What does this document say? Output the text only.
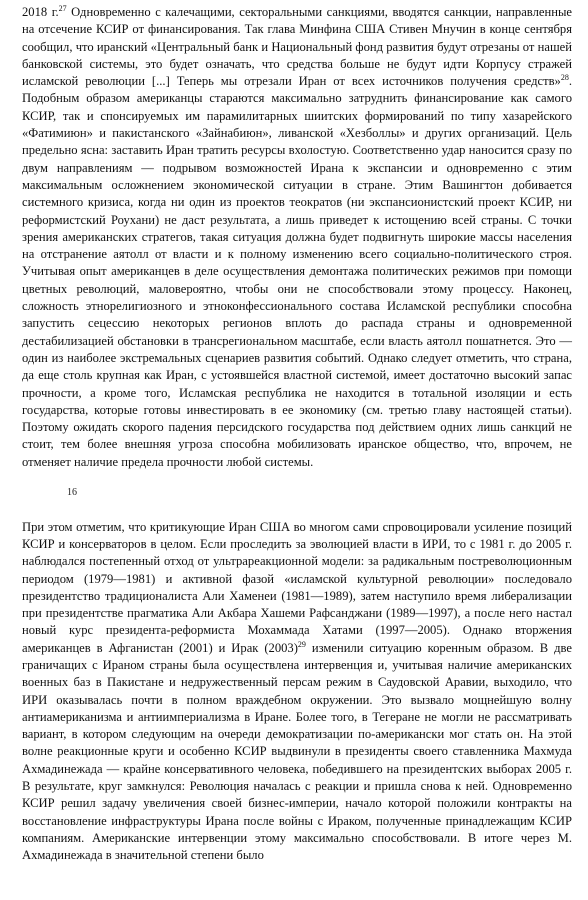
2018 г.$^{27}$ Одновременно с калечащими, секторальными санкциями, вводятся санкции, направленные на отсечение КСИР от финансирования. Так глава Минфина США Стивен Мнучин в конце сентября сообщил, что иранский «Центральный банк и Национальный фонд развития будут отрезаны от нашей банковской системы, это будет означать, что средства больше не будут идти Корпусу стражей исламской революции [...] Теперь мы отрезали Иран от всех источников получения средств»$^{28}$. Подобным образом американцы стараются максимально затруднить финансирование как самого КСИР, так и спонсируемых им парамилитарных шиитских формирований по типу хазарейского «Фатимиюн» и пакистанского «Зайнабиюн», ливанской «Хезболлы» и других организаций. Цель предельно ясна: заставить Иран тратить ресурсы вхолостую. Соответственно удар наносится сразу по двум направлениям — подрывом возможностей Ирана к экспансии и одновременно с этим максимальным осложнением экономической ситуации в стране. Этим Вашингтон добивается системного кризиса, когда ни один из проектов теократов (ни экспансионистский проект КСИР, ни реформистский Роухани) не даст результата, а лишь приведет к истощению всей страны. С точки зрения американских стратегов, такая ситуация должна будет подвигнуть широкие массы населения на отстранение аятолл от власти и к полному изменению всего социально-политического строя. Учитывая опыт американцев в деле осуществления демонтажа политических режимов при помощи цветных революций, маловероятно, чтобы они не способствовали этому процессу. Наконец, сложность этнорелигиозного и этноконфессионального состава Исламской республики способна запустить сецессию некоторых регионов вплоть до распада страны и одновременной дестабилизацией обстановки в трансрегиональном масштабе, если власть аятолл пошатнется. Это — один из наиболее экстремальных сценариев развития событий. Однако следует отметить, что страна, да еще столь крупная как Иран, с устоявшейся властной системой, имеет достаточно высокий запас прочности, а кроме того, Исламская республика не находится в тотальной изоляции и есть государства, которые готовы инвестировать в ее экономику (см. третью главу настоящей статьи). Поэтому ожидать скорого падения персидского государства под действием одних лишь санкций не стоит, тем более внешняя угроза способна мобилизовать иранское общество, что, впрочем, не отменяет наличие предела прочности любой системы.

16

При этом отметим, что критикующие Иран США во многом сами спровоцировали усиление позиций КСИР и консерваторов в целом. Если проследить за эволюцией власти в ИРИ, то с 1981 г. до 2005 г. наблюдался постепенный отход от ультрареакционной модели: за радикальным постреволюционным периодом (1979—1981) и активной фазой «исламской культурной революции» последовало президентство традиционалиста Али Хаменеи (1981—1989), затем наступило время либерализации при президентстве прагматика Али Акбара Хашеми Рафсанджани (1989—1997), а после него настал новый курс президента-реформиста Мохаммада Хатами (1997—2005). Однако вторжения американцев в Афганистан (2001) и Ирак $(2003)^{29}$ изменили ситуацию коренным образом. В две граничащих с Ираном страны была осуществлена интервенция и, учитывая наличие американских военных баз в Пакистане и недружественный персам режим в Саудовской Аравии, выходило, что ИРИ оказывалась почти в полном враждебном окружении. Это вызвало мощнейшую волну антиамериканизма и антиимпериализма в Иране. Более того, в Тегеране не могли не рассматривать вариант, в котором следующим на очереди демократизации по-американски мог стать он. На этой волне реакционные круги и особенно КСИР выдвинули в президенты своего ставленника Махмуда Ахмадинежада — крайне консервативного человека, победившего на президентских выборах 2005 г. В результате, круг замкнулся: Революция началась с реакции и пришла снова к ней. Одновременно КСИР решил задачу увеличения своей бизнес-империи, начало которой положили контракты на восстановление инфраструктуры Ирана после войны с Ираком, полученные принадлежащим КСИР компаниям. Американские интервенции этому максимально способствовали. В итоге через М. Ахмадинежада в значительной степени было
